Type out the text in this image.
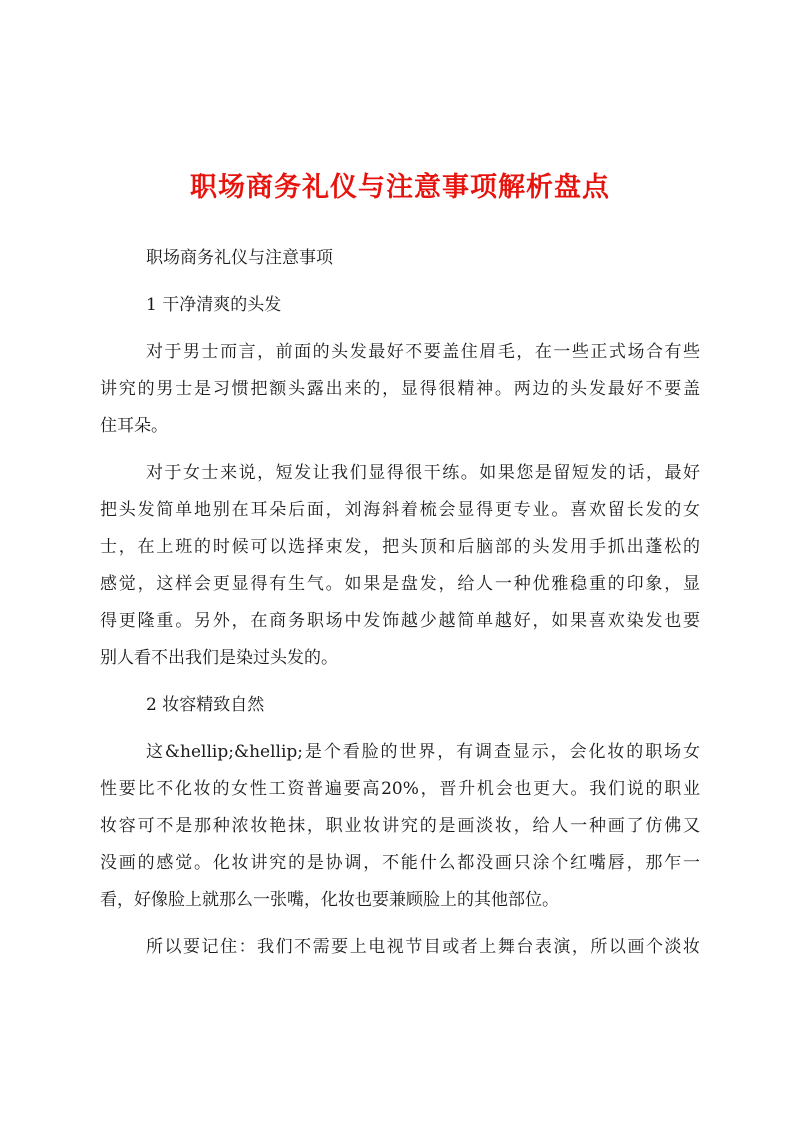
职场商务礼仪与注意事项解析盘点
职场商务礼仪与注意事项
1 干净清爽的头发
对于男士而言，前面的头发最好不要盖住眉毛，在一些正式场合有些
讲究的男士是习惯把额头露出来的，显得很精神。两边的头发最好不要盖
住耳朵。
对于女士来说，短发让我们显得很干练。如果您是留短发的话，最好
把头发简单地别在耳朵后面，刘海斜着梳会显得更专业。喜欢留长发的女
士，在上班的时候可以选择束发，把头顶和后脑部的头发用手抓出蓬松的
感觉，这样会更显得有生气。如果是盘发，给人一种优雅稳重的印象，显
得更隆重。另外，在商务职场中发饰越少越简单越好，如果喜欢染发也要
别人看不出我们是染过头发的。
2 妆容精致自然
这&hellip;&hellip;是个看脸的世界，有调查显示，会化妆的职场女
性要比不化妆的女性工资普遍要高20%，晋升机会也更大。我们说的职业
妆容可不是那种浓妆艳抹，职业妆讲究的是画淡妆，给人一种画了仿佛又
没画的感觉。化妆讲究的是协调，不能什么都没画只涂个红嘴唇，那乍一
看，好像脸上就那么一张嘴，化妆也要兼顾脸上的其他部位。
所以要记住：我们不需要上电视节目或者上舞台表演，所以画个淡妆
